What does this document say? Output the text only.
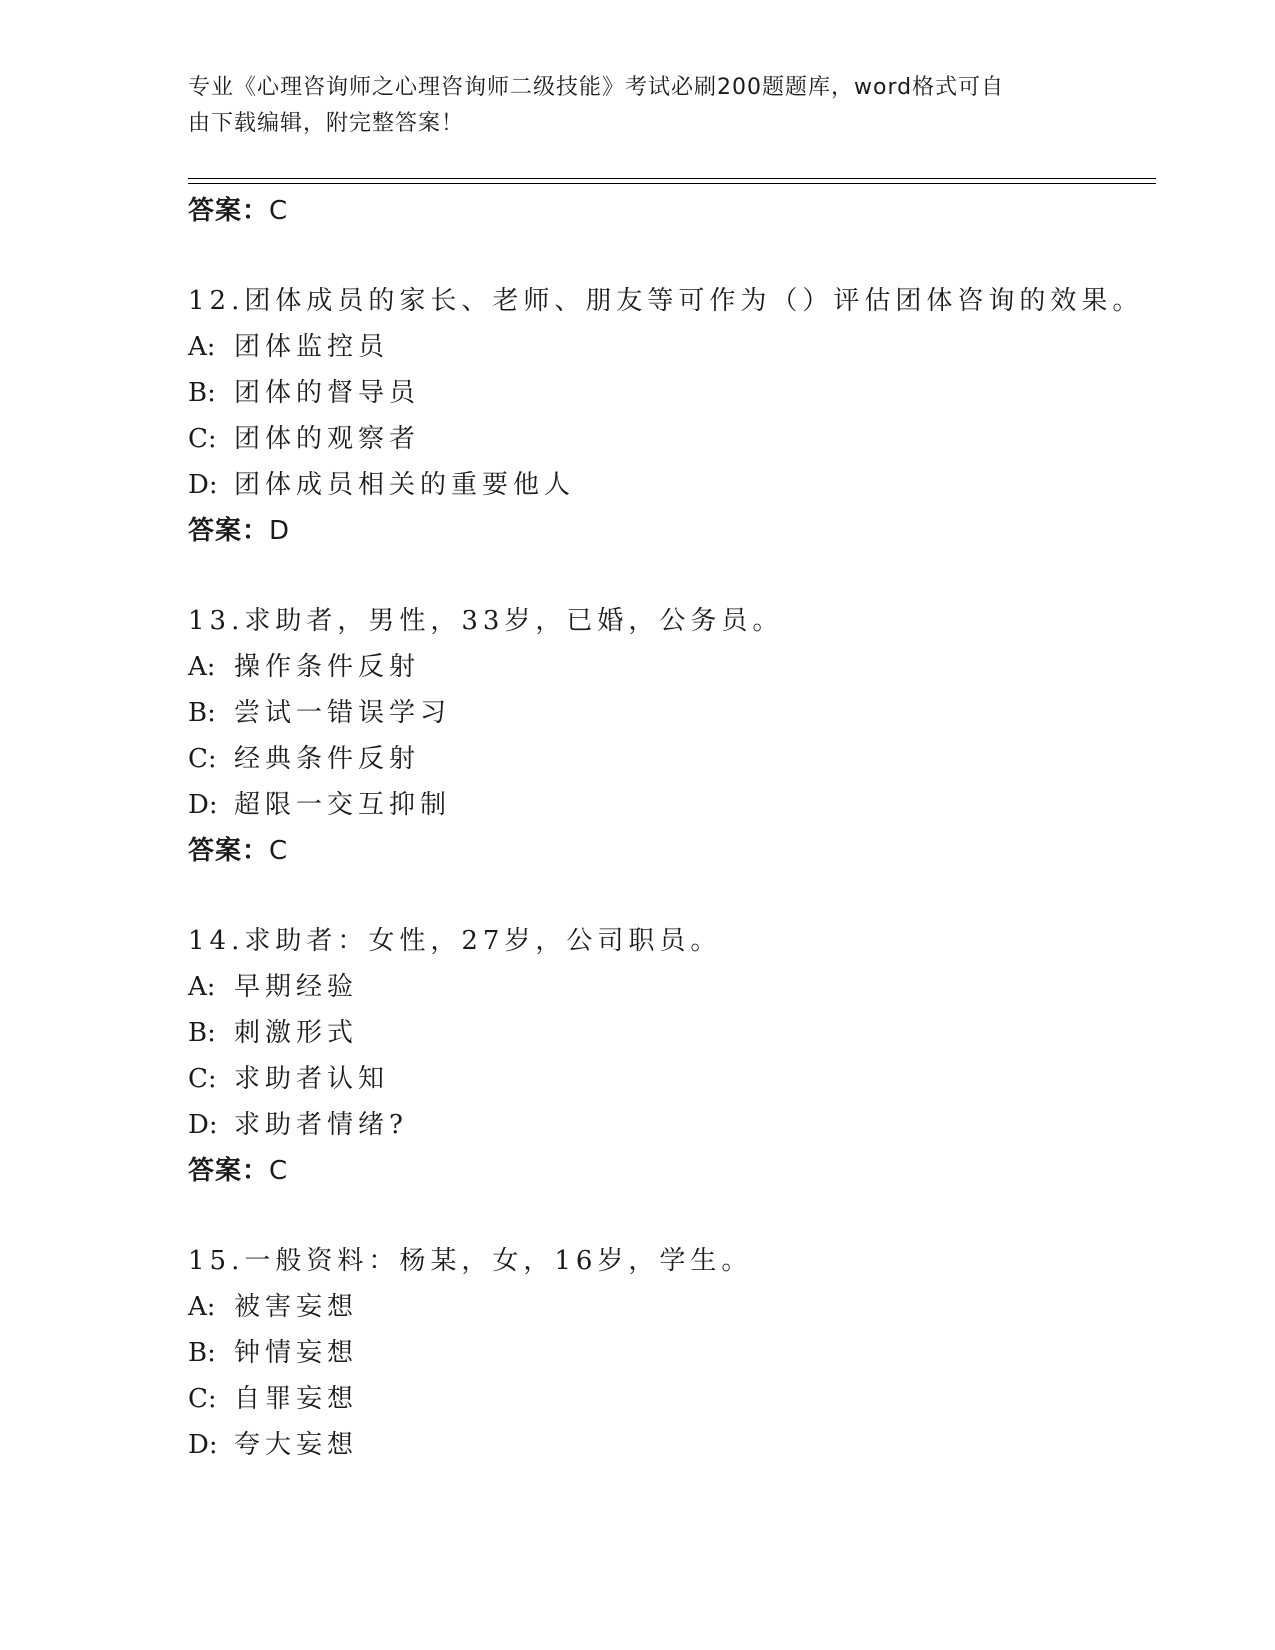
专业《心理咨询师之心理咨询师二级技能》考试必刷200题题库，word格式可自
由下载编辑，附完整答案！
答案：C
12.团体成员的家长、老师、朋友等可作为（）评估团体咨询的效果。
A: 团体监控员
B: 团体的督导员
C: 团体的观察者
D: 团体成员相关的重要他人
答案：D
13.求助者，男性，33岁，已婚，公务员。
A: 操作条件反射
B: 尝试一错误学习
C: 经典条件反射
D: 超限一交互抑制
答案：C
14.求助者：女性，27岁，公司职员。
A: 早期经验
B: 刺激形式
C: 求助者认知
D: 求助者情绪?
答案：C
15.一般资料：杨某，女，16岁，学生。
A: 被害妄想
B: 钟情妄想
C: 自罪妄想
D: 夸大妄想
